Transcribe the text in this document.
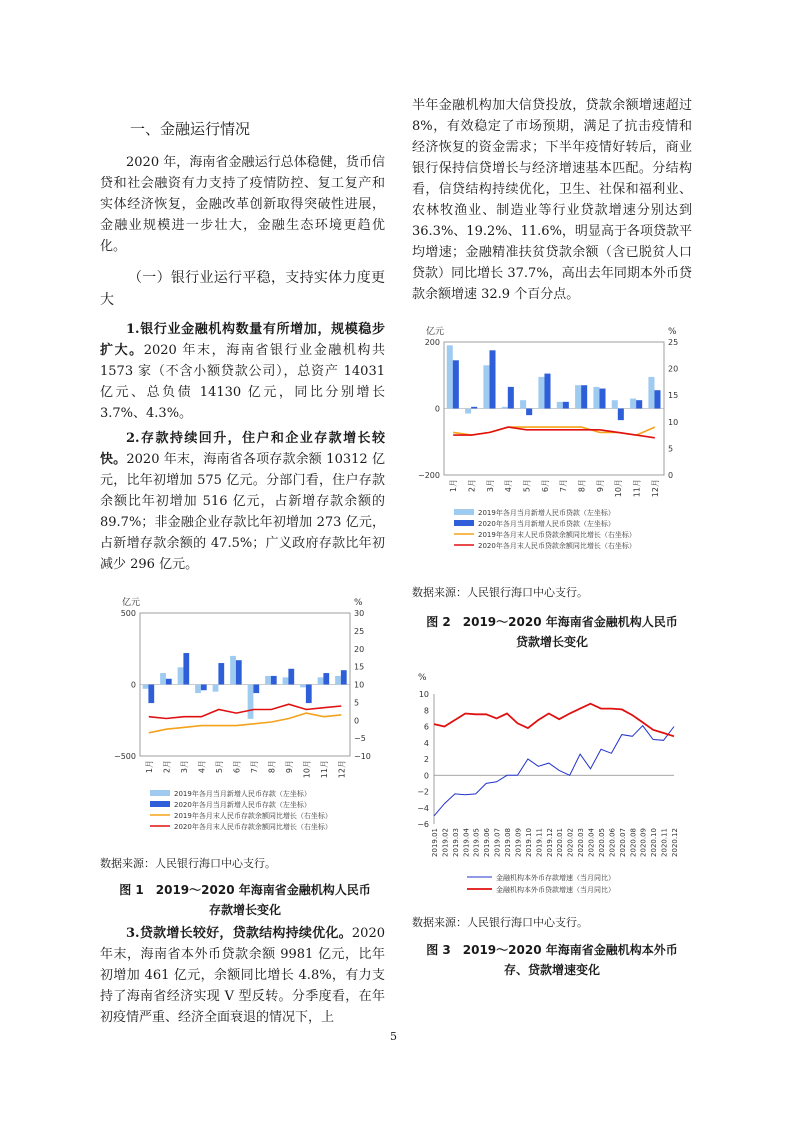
一、金融运行情况

2020 年，海南省金融运行总体稳健，货币信贷和社会融资有力支持了疫情防控、复工复产和实体经济恢复，金融改革创新取得突破性进展，金融业规模进一步壮大，金融生态环境更趋优化。

（一）银行业运行平稳，支持实体力度更大

1.银行业金融机构数量有所增加，规模稳步扩大。2020 年末，海南省银行业金融机构共 1573 家（不含小额贷款公司），总资产 14031 亿元、总负债 14130 亿元，同比分别增长 3.7%、4.3%。

2.存款持续回升，住户和企业存款增长较快。2020 年末，海南省各项存款余额 10312 亿元，比年初增加 575 亿元。分部门看，住户存款余额比年初增加 516 亿元，占新增存款余额的 89.7%；非金融企业存款比年初增加 273 亿元，占新增存款余额的 47.5%；广义政府存款比年初减少 296 亿元。

亿元	%
500
0
−500
30
25
20
15
10
5
0
−5
−10
1月 2月 3月 4月 5月 6月 7月 8月 9月 10月 11月 12月
2019年各月当月新增人民币存款（左坐标）
2020年各月当月新增人民币存款（左坐标）
2019年各月末人民币存款余额同比增长（右坐标）
2020年各月末人民币存款余额同比增长（右坐标）
数据来源：人民银行海口中心支行。
图 1　2019～2020 年海南省金融机构人民币
存款增长变化

3.贷款增长较好，贷款结构持续优化。2020 年末，海南省本外币贷款余额 9981 亿元，比年初增加 461 亿元，余额同比增长 4.8%，有力支持了海南省经济实现 V 型反转。分季度看，在年初疫情严重、经济全面衰退的情况下，上

半年金融机构加大信贷投放，贷款余额增速超过 8%，有效稳定了市场预期，满足了抗击疫情和经济恢复的资金需求；下半年疫情好转后，商业银行保持信贷增长与经济增速基本匹配。分结构看，信贷结构持续优化，卫生、社保和福利业、农林牧渔业、制造业等行业贷款增速分别达到 36.3%、19.2%、11.6%，明显高于各项贷款平均增速；金融精准扶贫贷款余额（含已脱贫人口贷款）同比增长 37.7%，高出去年同期本外币贷款余额增速 32.9 个百分点。

亿元	%
200
0
−200
25
20
15
10
5
0
1月 2月 3月 4月 5月 6月 7月 8月 9月 10月 11月 12月
2019年各月当月新增人民币贷款（左坐标）
2020年各月当月新增人民币贷款（左坐标）
2019年各月末人民币贷款余额同比增长（右坐标）
2020年各月末人民币贷款余额同比增长（右坐标）
数据来源：人民银行海口中心支行。
图 2　2019～2020 年海南省金融机构人民币
贷款增长变化
%
10
8
6
4
2
0
−2
−4
−6
2019.01 2019.02 2019.03 2019.04 2019.05 2019.06 2019.07 2019.08 2019.09 2019.10 2019.11 2019.12 2020.01 2020.02 2020.03 2020.04 2020.05 2020.06 2020.07 2020.08 2020.09 2020.10 2020.11 2020.12
金融机构本外币存款增速（当月同比）
金融机构本外币贷款增速（当月同比）
数据来源：人民银行海口中心支行。
图 3　2019～2020 年海南省金融机构本外币
存、贷款增速变化
5
